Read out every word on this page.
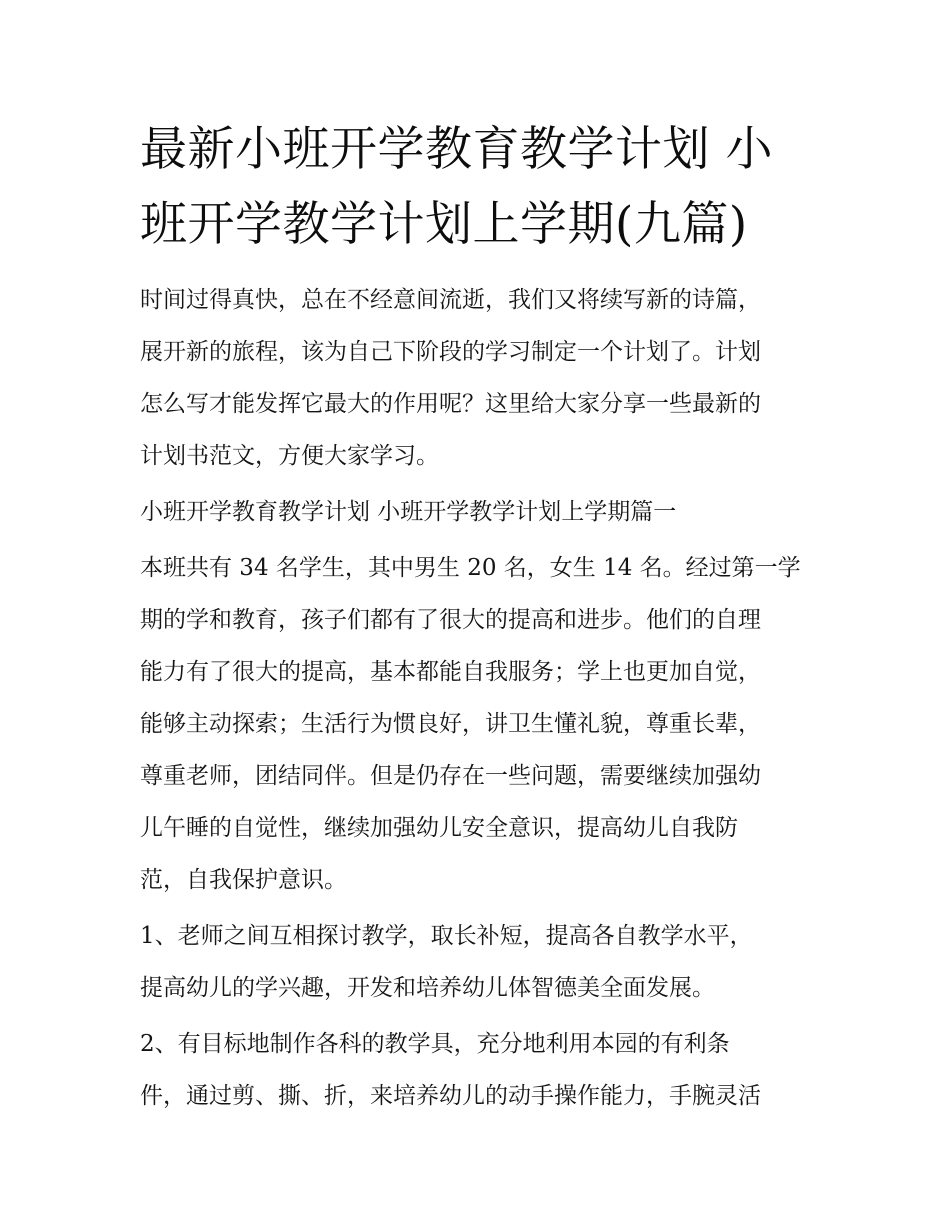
最新小班开学教育教学计划 小
班开学教学计划上学期(九篇)

时间过得真快，总在不经意间流逝，我们又将续写新的诗篇，
展开新的旅程，该为自己下阶段的学习制定一个计划了。计划
怎么写才能发挥它最大的作用呢？这里给大家分享一些最新的
计划书范文，方便大家学习。

小班开学教育教学计划 小班开学教学计划上学期篇一

本班共有 34 名学生，其中男生 20 名，女生 14 名。经过第一学
期的学和教育，孩子们都有了很大的提高和进步。他们的自理
能力有了很大的提高，基本都能自我服务；学上也更加自觉，
能够主动探索；生活行为惯良好，讲卫生懂礼貌，尊重长辈，
尊重老师，团结同伴。但是仍存在一些问题，需要继续加强幼
儿午睡的自觉性，继续加强幼儿安全意识，提高幼儿自我防
范，自我保护意识。

1、老师之间互相探讨教学，取长补短，提高各自教学水平，
提高幼儿的学兴趣，开发和培养幼儿体智德美全面发展。

2、有目标地制作各科的教学具，充分地利用本园的有利条
件，通过剪、撕、折，来培养幼儿的动手操作能力，手腕灵活
